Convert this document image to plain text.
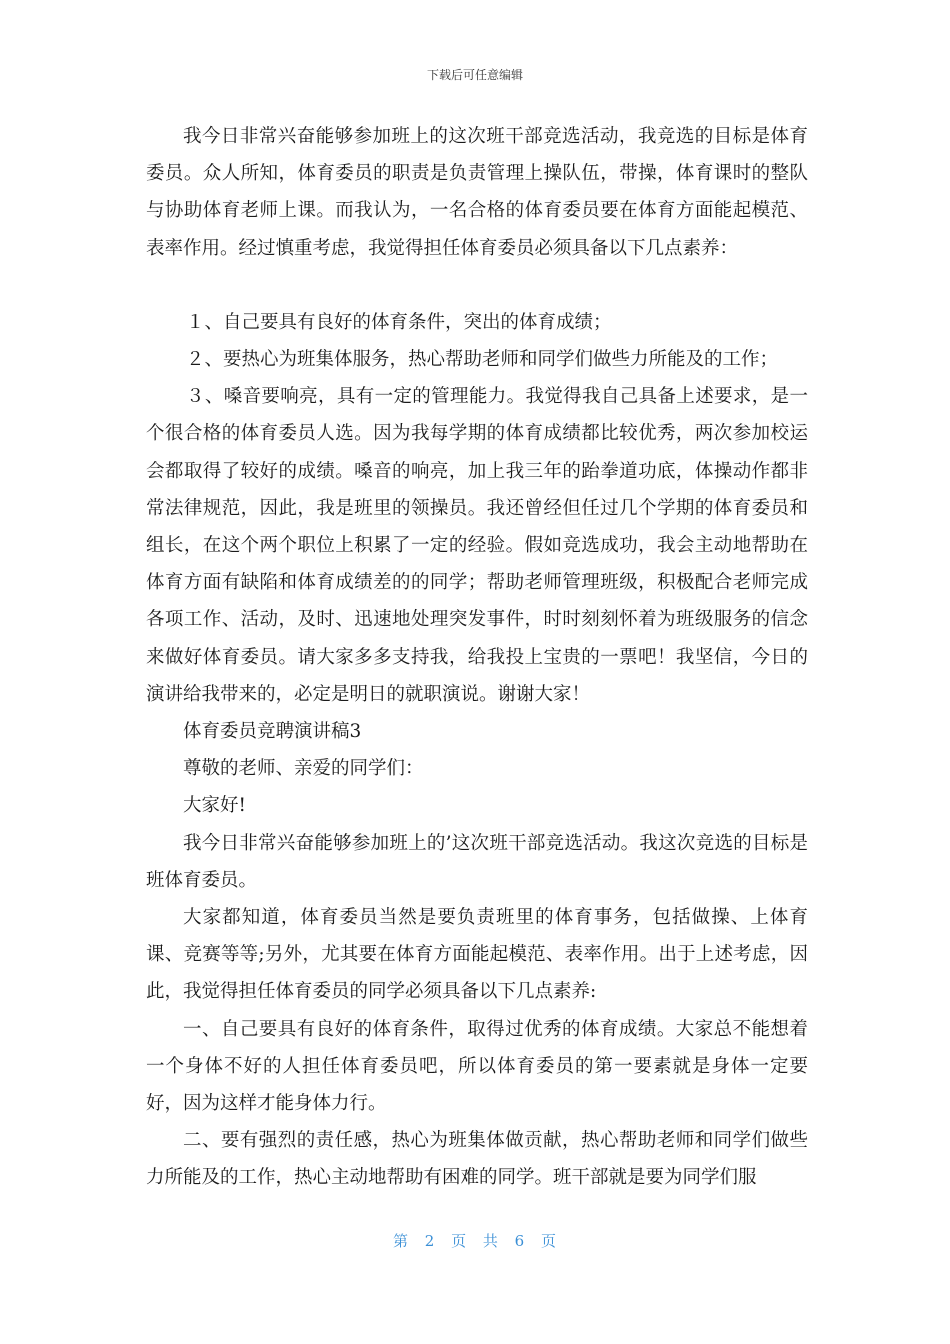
下载后可任意编辑

我今日非常兴奋能够参加班上的这次班干部竞选活动，我竞选的目标是体育委员。众人所知，体育委员的职责是负责管理上操队伍，带操，体育课时的整队与协助体育老师上课。而我认为，一名合格的体育委员要在体育方面能起模范、表率作用。经过慎重考虑，我觉得担任体育委员必须具备以下几点素养：

１、自己要具有良好的体育条件，突出的体育成绩；

２、要热心为班集体服务，热心帮助老师和同学们做些力所能及的工作；

３、嗓音要响亮，具有一定的管理能力。我觉得我自己具备上述要求，是一个很合格的体育委员人选。因为我每学期的体育成绩都比较优秀，两次参加校运会都取得了较好的成绩。嗓音的响亮，加上我三年的跆拳道功底，体操动作都非常法律规范，因此，我是班里的领操员。我还曾经但任过几个学期的体育委员和组长，在这个两个职位上积累了一定的经验。假如竞选成功，我会主动地帮助在体育方面有缺陷和体育成绩差的的同学；帮助老师管理班级，积极配合老师完成各项工作、活动，及时、迅速地处理突发事件，时时刻刻怀着为班级服务的信念来做好体育委员。请大家多多支持我，给我投上宝贵的一票吧！我坚信，今日的演讲给我带来的，必定是明日的就职演说。谢谢大家！

体育委员竞聘演讲稿3

尊敬的老师、亲爱的同学们：

大家好!

我今日非常兴奋能够参加班上的’这次班干部竞选活动。我这次竞选的目标是班体育委员。

大家都知道，体育委员当然是要负责班里的体育事务，包括做操、上体育课、竞赛等等;另外，尤其要在体育方面能起模范、表率作用。出于上述考虑，因此，我觉得担任体育委员的同学必须具备以下几点素养:

一、自己要具有良好的体育条件，取得过优秀的体育成绩。大家总不能想着一个身体不好的人担任体育委员吧，所以体育委员的第一要素就是身体一定要好，因为这样才能身体力行。

二、要有强烈的责任感，热心为班集体做贡献，热心帮助老师和同学们做些力所能及的工作，热心主动地帮助有困难的同学。班干部就是要为同学们服

第 2 页 共 6 页
